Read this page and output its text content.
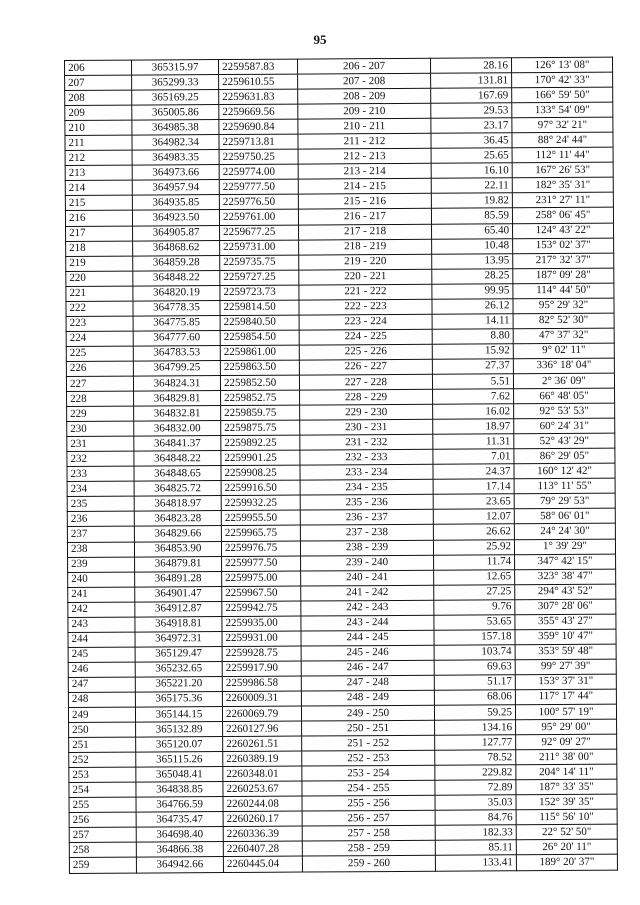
95
206	365315.97	2259587.83	206 - 207	28.16	126° 13' 08"
207	365299.33	2259610.55	207 - 208	131.81	170° 42' 33"
208	365169.25	2259631.83	208 - 209	167.69	166° 59' 50"
209	365005.86	2259669.56	209 - 210	29.53	133° 54' 09"
210	364985.38	2259690.84	210 - 211	23.17	97° 32' 21"
211	364982.34	2259713.81	211 - 212	36.45	88° 24' 44"
212	364983.35	2259750.25	212 - 213	25.65	112° 11' 44"
213	364973.66	2259774.00	213 - 214	16.10	167° 26' 53"
214	364957.94	2259777.50	214 - 215	22.11	182° 35' 31"
215	364935.85	2259776.50	215 - 216	19.82	231° 27' 11"
216	364923.50	2259761.00	216 - 217	85.59	258° 06' 45"
217	364905.87	2259677.25	217 - 218	65.40	124° 43' 22"
218	364868.62	2259731.00	218 - 219	10.48	153° 02' 37"
219	364859.28	2259735.75	219 - 220	13.95	217° 32' 37"
220	364848.22	2259727.25	220 - 221	28.25	187° 09' 28"
221	364820.19	2259723.73	221 - 222	99.95	114° 44' 50"
222	364778.35	2259814.50	222 - 223	26.12	95° 29' 32"
223	364775.85	2259840.50	223 - 224	14.11	82° 52' 30"
224	364777.60	2259854.50	224 - 225	8.80	47° 37' 32"
225	364783.53	2259861.00	225 - 226	15.92	9° 02' 11"
226	364799.25	2259863.50	226 - 227	27.37	336° 18' 04"
227	364824.31	2259852.50	227 - 228	5.51	2° 36' 09"
228	364829.81	2259852.75	228 - 229	7.62	66° 48' 05"
229	364832.81	2259859.75	229 - 230	16.02	92° 53' 53"
230	364832.00	2259875.75	230 - 231	18.97	60° 24' 31"
231	364841.37	2259892.25	231 - 232	11.31	52° 43' 29"
232	364848.22	2259901.25	232 - 233	7.01	86° 29' 05"
233	364848.65	2259908.25	233 - 234	24.37	160° 12' 42"
234	364825.72	2259916.50	234 - 235	17.14	113° 11' 55"
235	364818.97	2259932.25	235 - 236	23.65	79° 29' 53"
236	364823.28	2259955.50	236 - 237	12.07	58° 06' 01"
237	364829.66	2259965.75	237 - 238	26.62	24° 24' 30"
238	364853.90	2259976.75	238 - 239	25.92	1° 39' 29"
239	364879.81	2259977.50	239 - 240	11.74	347° 42' 15"
240	364891.28	2259975.00	240 - 241	12.65	323° 38' 47"
241	364901.47	2259967.50	241 - 242	27.25	294° 43' 52"
242	364912.87	2259942.75	242 - 243	9.76	307° 28' 06"
243	364918.81	2259935.00	243 - 244	53.65	355° 43' 27"
244	364972.31	2259931.00	244 - 245	157.18	359° 10' 47"
245	365129.47	2259928.75	245 - 246	103.74	353° 59' 48"
246	365232.65	2259917.90	246 - 247	69.63	99° 27' 39"
247	365221.20	2259986.58	247 - 248	51.17	153° 37' 31"
248	365175.36	2260009.31	248 - 249	68.06	117° 17' 44"
249	365144.15	2260069.79	249 - 250	59.25	100° 57' 19"
250	365132.89	2260127.96	250 - 251	134.16	95° 29' 00"
251	365120.07	2260261.51	251 - 252	127.77	92° 09' 27"
252	365115.26	2260389.19	252 - 253	78.52	211° 38' 00"
253	365048.41	2260348.01	253 - 254	229.82	204° 14' 11"
254	364838.85	2260253.67	254 - 255	72.89	187° 33' 35"
255	364766.59	2260244.08	255 - 256	35.03	152° 39' 35"
256	364735.47	2260260.17	256 - 257	84.76	115° 56' 10"
257	364698.40	2260336.39	257 - 258	182.33	22° 52' 50"
258	364866.38	2260407.28	258 - 259	85.11	26° 20' 11"
259	364942.66	2260445.04	259 - 260	133.41	189° 20' 37"
